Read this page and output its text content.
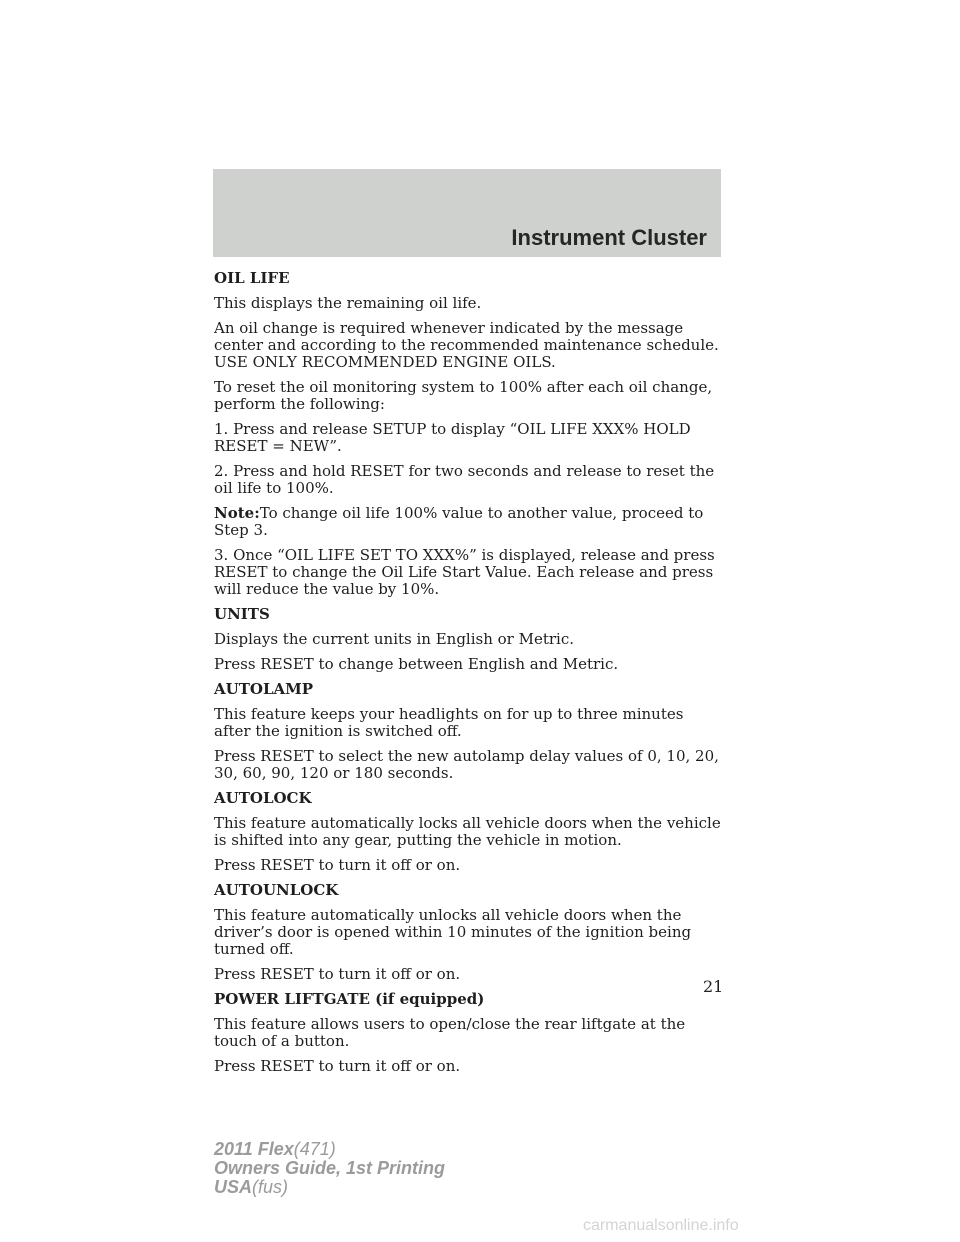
Instrument Cluster

OIL LIFE

This displays the remaining oil life.

An oil change is required whenever indicated by the message center and according to the recommended maintenance schedule. USE ONLY RECOMMENDED ENGINE OILS.

To reset the oil monitoring system to 100% after each oil change, perform the following:

1. Press and release SETUP to display “OIL LIFE XXX% HOLD RESET = NEW”.

2. Press and hold RESET for two seconds and release to reset the oil life to 100%.

Note:To change oil life 100% value to another value, proceed to Step 3.

3. Once “OIL LIFE SET TO XXX%” is displayed, release and press RESET to change the Oil Life Start Value. Each release and press will reduce the value by 10%.

UNITS

Displays the current units in English or Metric.

Press RESET to change between English and Metric.

AUTOLAMP

This feature keeps your headlights on for up to three minutes after the ignition is switched off.

Press RESET to select the new autolamp delay values of 0, 10, 20, 30, 60, 90, 120 or 180 seconds.

AUTOLOCK

This feature automatically locks all vehicle doors when the vehicle is shifted into any gear, putting the vehicle in motion.

Press RESET to turn it off or on.

AUTOUNLOCK

This feature automatically unlocks all vehicle doors when the driver’s door is opened within 10 minutes of the ignition being turned off.

Press RESET to turn it off or on.

POWER LIFTGATE (if equipped)

This feature allows users to open/close the rear liftgate at the touch of a button.

Press RESET to turn it off or on.

21
2011 Flex(471)
Owners Guide, 1st Printing
USA(fus)
carmanualsonline.info
